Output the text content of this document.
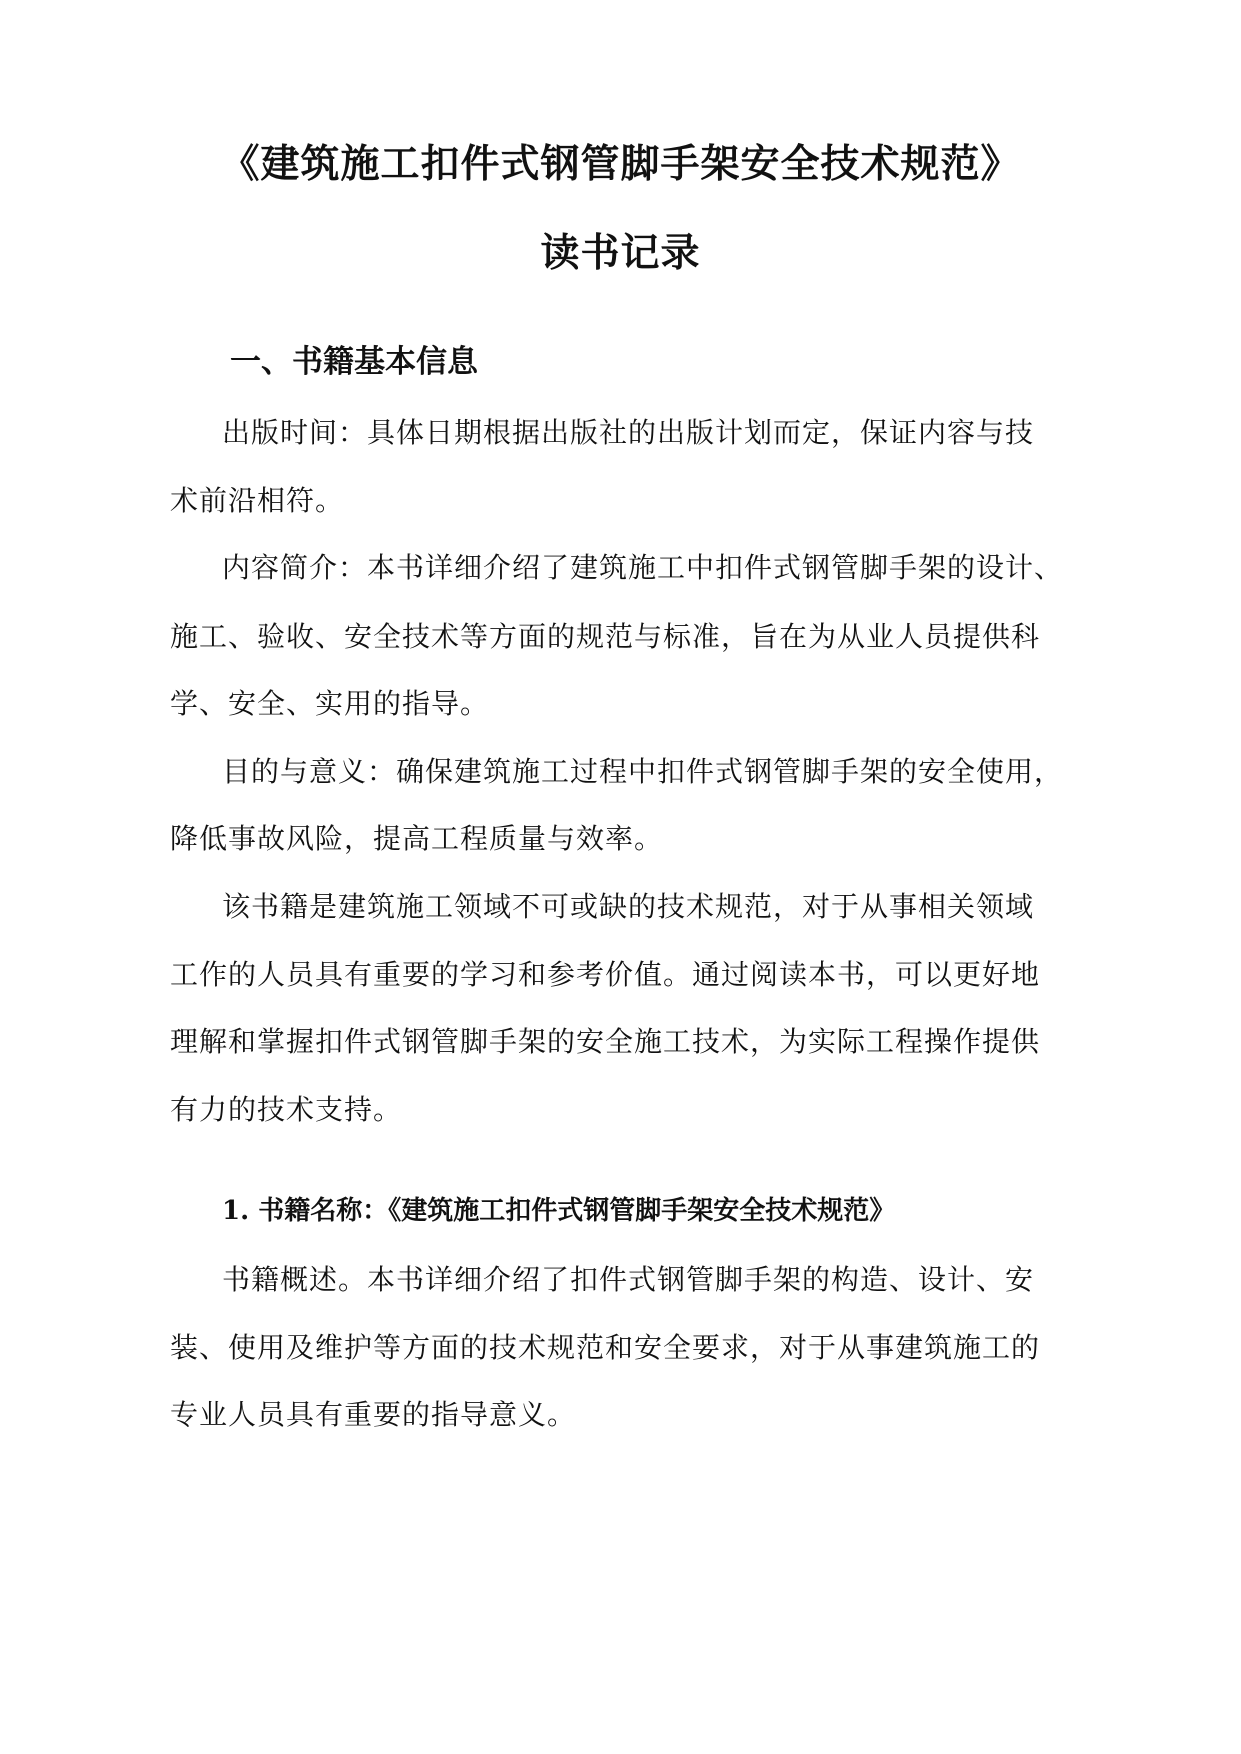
《建筑施工扣件式钢管脚手架安全技术规范》
读书记录
一、书籍基本信息
出版时间：具体日期根据出版社的出版计划而定，保证内容与技
术前沿相符。
内容简介：本书详细介绍了建筑施工中扣件式钢管脚手架的设计、
施工、验收、安全技术等方面的规范与标准，旨在为从业人员提供科
学、安全、实用的指导。
目的与意义：确保建筑施工过程中扣件式钢管脚手架的安全使用，
降低事故风险，提高工程质量与效率。
该书籍是建筑施工领域不可或缺的技术规范，对于从事相关领域
工作的人员具有重要的学习和参考价值。通过阅读本书，可以更好地
理解和掌握扣件式钢管脚手架的安全施工技术，为实际工程操作提供
有力的技术支持。
1. 书籍名称：《建筑施工扣件式钢管脚手架安全技术规范》
书籍概述。本书详细介绍了扣件式钢管脚手架的构造、设计、安
装、使用及维护等方面的技术规范和安全要求，对于从事建筑施工的
专业人员具有重要的指导意义。
